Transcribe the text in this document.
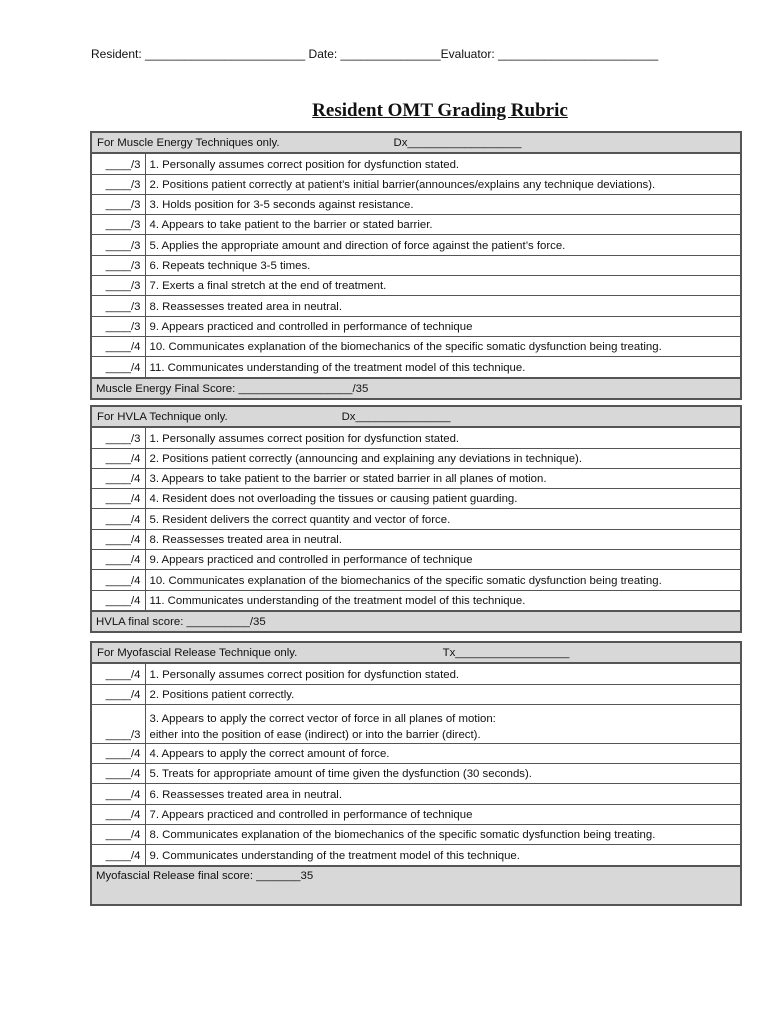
Resident: ________________________ Date: _______________Evaluator: ________________________
Resident OMT Grading Rubric
For Muscle Energy Techniques only.                                    Dx__________________	
____/3	1. Personally assumes correct position for dysfunction stated.
____/3	2. Positions patient correctly at patient’s initial barrier(announces/explains any technique deviations).
____/3	3. Holds position for 3-5 seconds against resistance.
____/3	4. Appears to take patient to the barrier or stated barrier.
____/3	5. Applies the appropriate amount and direction of force against the patient’s force.
____/3	6. Repeats technique 3-5 times.
____/3	7. Exerts a final stretch at the end of treatment.
____/3	8. Reassesses treated area in neutral.
____/3	9. Appears practiced and controlled in performance of technique
____/4	10. Communicates explanation of the biomechanics of the specific somatic dysfunction being treating.
____/4	11. Communicates understanding of the treatment model of this technique.
Muscle Energy Final Score: __________________/35	
For HVLA Technique only.                                    Dx_______________	
____/3	1. Personally assumes correct position for dysfunction stated.
____/4	2. Positions patient correctly (announcing and explaining any deviations in technique).
____/4	3. Appears to take patient to the barrier or stated barrier in all planes of motion.
____/4	4. Resident does not overloading the tissues or causing patient guarding.
____/4	5. Resident delivers the correct quantity and vector of force.
____/4	8. Reassesses treated area in neutral.
____/4	9. Appears practiced and controlled in performance of technique
____/4	10. Communicates explanation of the biomechanics of the specific somatic dysfunction being treating.
____/4	11. Communicates understanding of the treatment model of this technique.
HVLA final score: __________/35	
For Myofascial Release Technique only.                                              Tx__________________	
____/4	1. Personally assumes correct position for dysfunction stated.
____/4	2. Positions patient correctly.
____/3	3. Appears to apply the correct vector of force in all planes of motion:
either into the position of ease (indirect) or into the barrier (direct).

____/4	4. Appears to apply the correct amount of force.
____/4	5. Treats for appropriate amount of time given the dysfunction (30 seconds).
____/4	6. Reassesses treated area in neutral.
____/4	7. Appears practiced and controlled in performance of technique
____/4	8. Communicates explanation of the biomechanics of the specific somatic dysfunction being treating.
____/4	9. Communicates understanding of the treatment model of this technique.
Myofascial Release final score: _______35	
